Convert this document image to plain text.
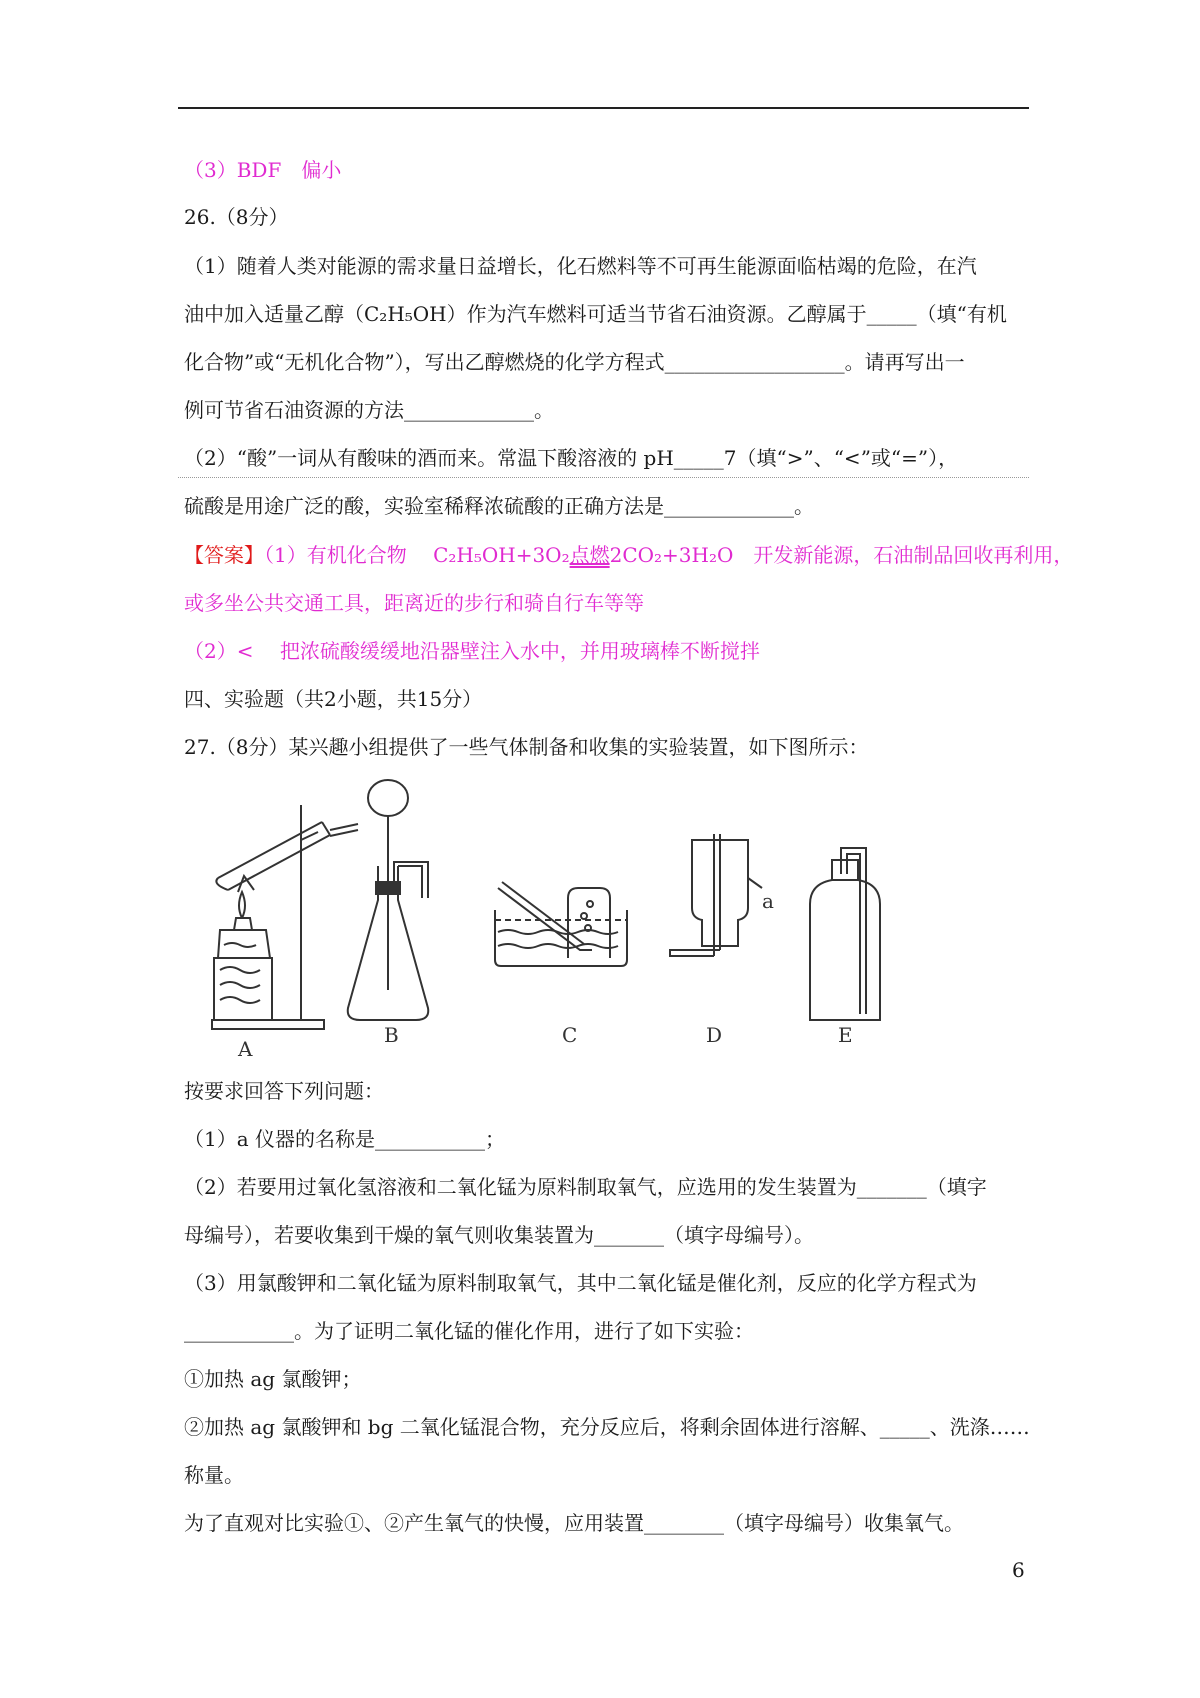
（3）BDF　偏小
26.（8分）
（1）随着人类对能源的需求量日益增长，化石燃料等不可再生能源面临枯竭的危险，在汽
油中加入适量乙醇（C₂H₅OH）作为汽车燃料可适当节省石油资源。乙醇属于_____（填“有机
化合物”或“无机化合物”），写出乙醇燃烧的化学方程式__________________。请再写出一
例可节省石油资源的方法_____________。
（2）“酸”一词从有酸味的酒而来。常温下酸溶液的 pH_____7（填“>”、“<”或“=”），
硫酸是用途广泛的酸，实验室稀释浓硫酸的正确方法是_____________。
【答案】（1）有机化合物　 C₂H₅OH+3O₂点燃2CO₂+3H₂O　开发新能源，石油制品回收再利用，
或多坐公共交通工具，距离近的步行和骑自行车等等
（2）<　 把浓硫酸缓缓地沿器壁注入水中，并用玻璃棒不断搅拌
四、实验题（共2小题，共15分）
27.（8分）某兴趣小组提供了一些气体制备和收集的实验装置，如下图所示：
A
B	C	D	E
a
按要求回答下列问题：
（1）a 仪器的名称是___________；
（2）若要用过氧化氢溶液和二氧化锰为原料制取氧气，应选用的发生装置为_______（填字
母编号），若要收集到干燥的氧气则收集装置为_______（填字母编号）。
（3）用氯酸钾和二氧化锰为原料制取氧气，其中二氧化锰是催化剂，反应的化学方程式为
___________。为了证明二氧化锰的催化作用，进行了如下实验：
①加热 ag 氯酸钾；
②加热 ag 氯酸钾和 bg 二氧化锰混合物，充分反应后，将剩余固体进行溶解、_____、洗涤……
称量。
为了直观对比实验①、②产生氧气的快慢，应用装置________（填字母编号）收集氧气。
6
